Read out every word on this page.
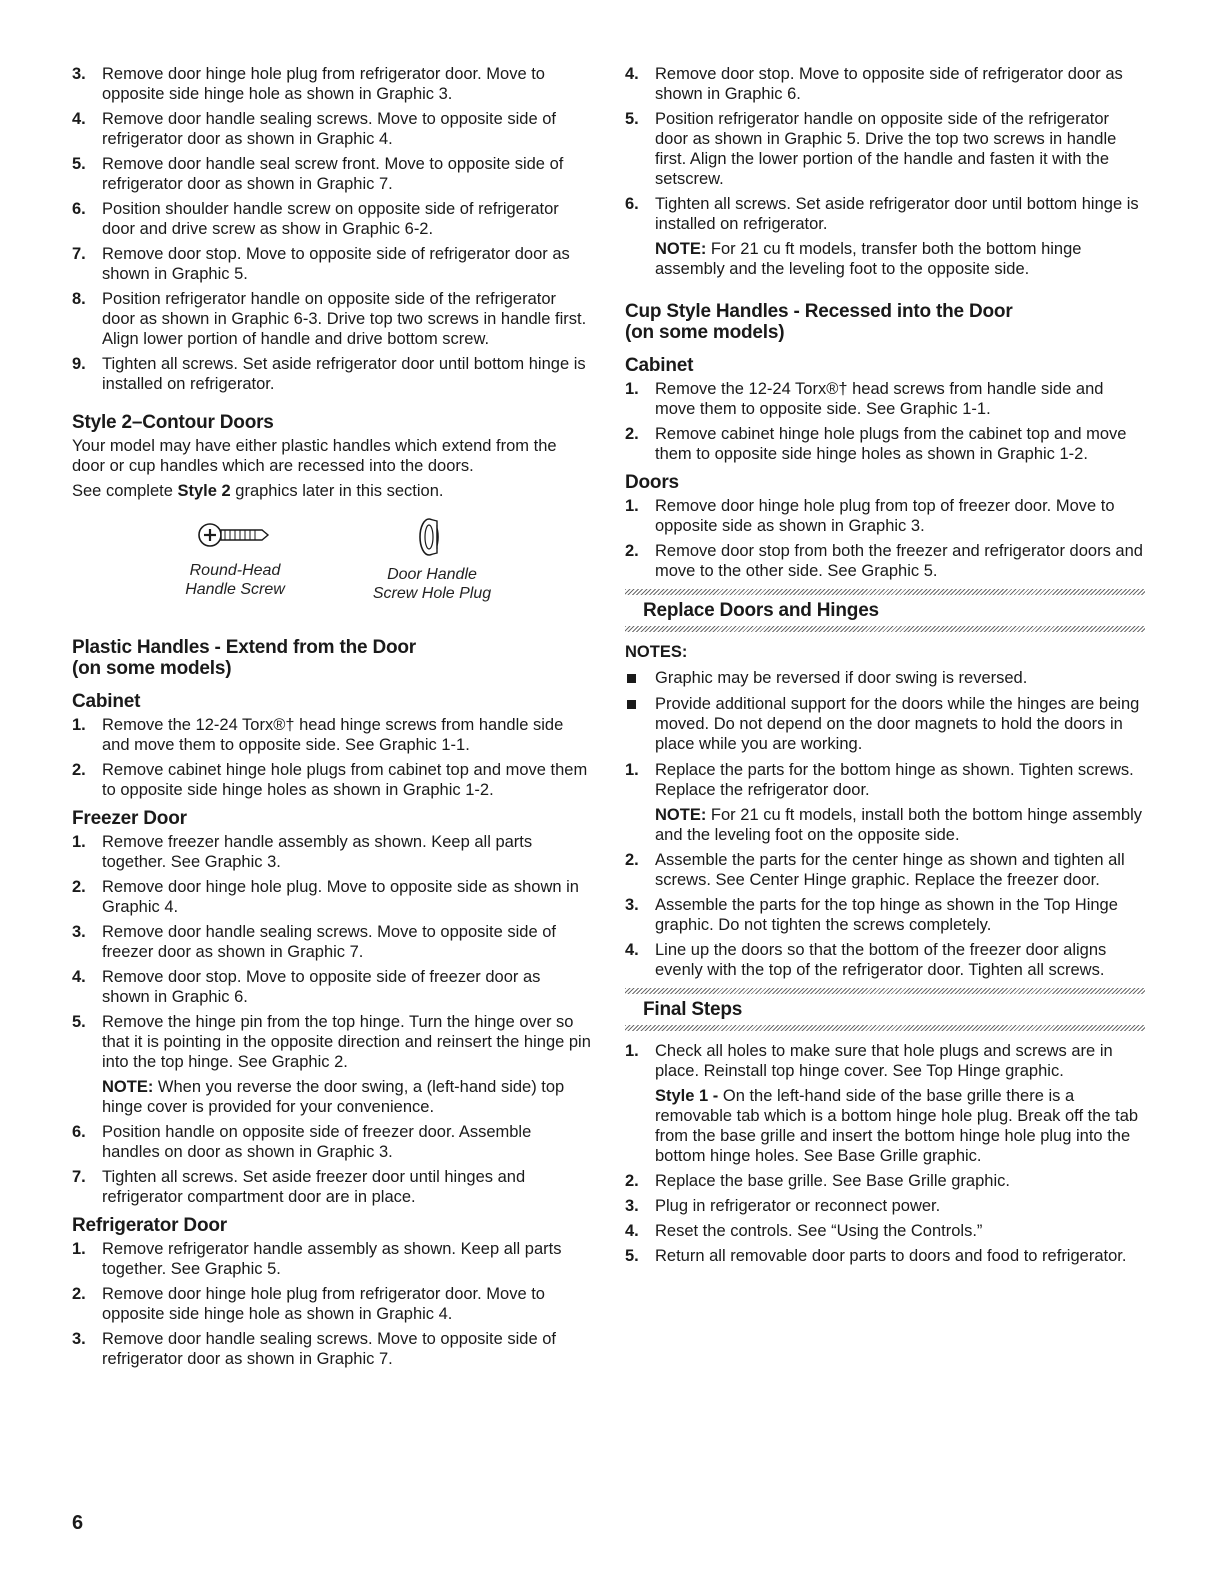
3. Remove door hinge hole plug from refrigerator door. Move to opposite side hinge hole as shown in Graphic 3.
4. Remove door handle sealing screws. Move to opposite side of refrigerator door as shown in Graphic 4.
5. Remove door handle seal screw front. Move to opposite side of refrigerator door as shown in Graphic 7.
6. Position shoulder handle screw on opposite side of refrigerator door and drive screw as show in Graphic 6-2.
7. Remove door stop. Move to opposite side of refrigerator door as shown in Graphic 5.
8. Position refrigerator handle on opposite side of the refrigerator door as shown in Graphic 6-3. Drive top two screws in handle first. Align lower portion of handle and drive bottom screw.
9. Tighten all screws. Set aside refrigerator door until bottom hinge is installed on refrigerator.
Style 2–Contour Doors

Your model may have either plastic handles which extend from the door or cup handles which are recessed into the doors.

See complete Style 2 graphics later in this section.

Round-Head
Handle Screw
Door Handle
Screw Hole Plug
Plastic Handles - Extend from the Door
(on some models)
Cabinet
1. Remove the 12-24 Torx®† head hinge screws from handle side and move them to opposite side. See Graphic 1-1.
2. Remove cabinet hinge hole plugs from cabinet top and move them to opposite side hinge holes as shown in Graphic 1-2.
Freezer Door
1. Remove freezer handle assembly as shown. Keep all parts together. See Graphic 3.
2. Remove door hinge hole plug. Move to opposite side as shown in Graphic 4.
3. Remove door handle sealing screws. Move to opposite side of freezer door as shown in Graphic 7.
4. Remove door stop. Move to opposite side of freezer door as shown in Graphic 6.
5. Remove the hinge pin from the top hinge. Turn the hinge over so that it is pointing in the opposite direction and reinsert the hinge pin into the top hinge. See Graphic 2.
NOTE: When you reverse the door swing, a (left-hand side) top hinge cover is provided for your convenience.
6. Position handle on opposite side of freezer door. Assemble handles on door as shown in Graphic 3.
7. Tighten all screws. Set aside freezer door until hinges and refrigerator compartment door are in place.
Refrigerator Door
1. Remove refrigerator handle assembly as shown. Keep all parts together. See Graphic 5.
2. Remove door hinge hole plug from refrigerator door. Move to opposite side hinge hole as shown in Graphic 4.
3. Remove door handle sealing screws. Move to opposite side of refrigerator door as shown in Graphic 7.
4. Remove door stop. Move to opposite side of refrigerator door as shown in Graphic 6.
5. Position refrigerator handle on opposite side of the refrigerator door as shown in Graphic 5. Drive the top two screws in handle first. Align the lower portion of the handle and fasten it with the setscrew.
6. Tighten all screws. Set aside refrigerator door until bottom hinge is installed on refrigerator.
NOTE: For 21 cu ft models, transfer both the bottom hinge assembly and the leveling foot to the opposite side.
Cup Style Handles - Recessed into the Door
(on some models)
Cabinet
1. Remove the 12-24 Torx®† head screws from handle side and move them to opposite side. See Graphic 1-1.
2. Remove cabinet hinge hole plugs from the cabinet top and move them to opposite side hinge holes as shown in Graphic 1-2.
Doors
1. Remove door hinge hole plug from top of freezer door. Move to opposite side as shown in Graphic 3.
2. Remove door stop from both the freezer and refrigerator doors and move to the other side. See Graphic 5.
Replace Doors and Hinges
NOTES:
Graphic may be reversed if door swing is reversed.
Provide additional support for the doors while the hinges are being moved. Do not depend on the door magnets to hold the doors in place while you are working.
1. Replace the parts for the bottom hinge as shown. Tighten screws. Replace the refrigerator door.
NOTE: For 21 cu ft models, install both the bottom hinge assembly and the leveling foot on the opposite side.
2. Assemble the parts for the center hinge as shown and tighten all screws. See Center Hinge graphic. Replace the freezer door.
3. Assemble the parts for the top hinge as shown in the Top Hinge graphic. Do not tighten the screws completely.
4. Line up the doors so that the bottom of the freezer door aligns evenly with the top of the refrigerator door. Tighten all screws.
Final Steps
1. Check all holes to make sure that hole plugs and screws are in place. Reinstall top hinge cover. See Top Hinge graphic.
Style 1 - On the left-hand side of the base grille there is a removable tab which is a bottom hinge hole plug. Break off the tab from the base grille and insert the bottom hinge hole plug into the bottom hinge holes. See Base Grille graphic.
2. Replace the base grille. See Base Grille graphic.
3. Plug in refrigerator or reconnect power.
4. Reset the controls. See “Using the Controls.”
5. Return all removable door parts to doors and food to refrigerator.
6
